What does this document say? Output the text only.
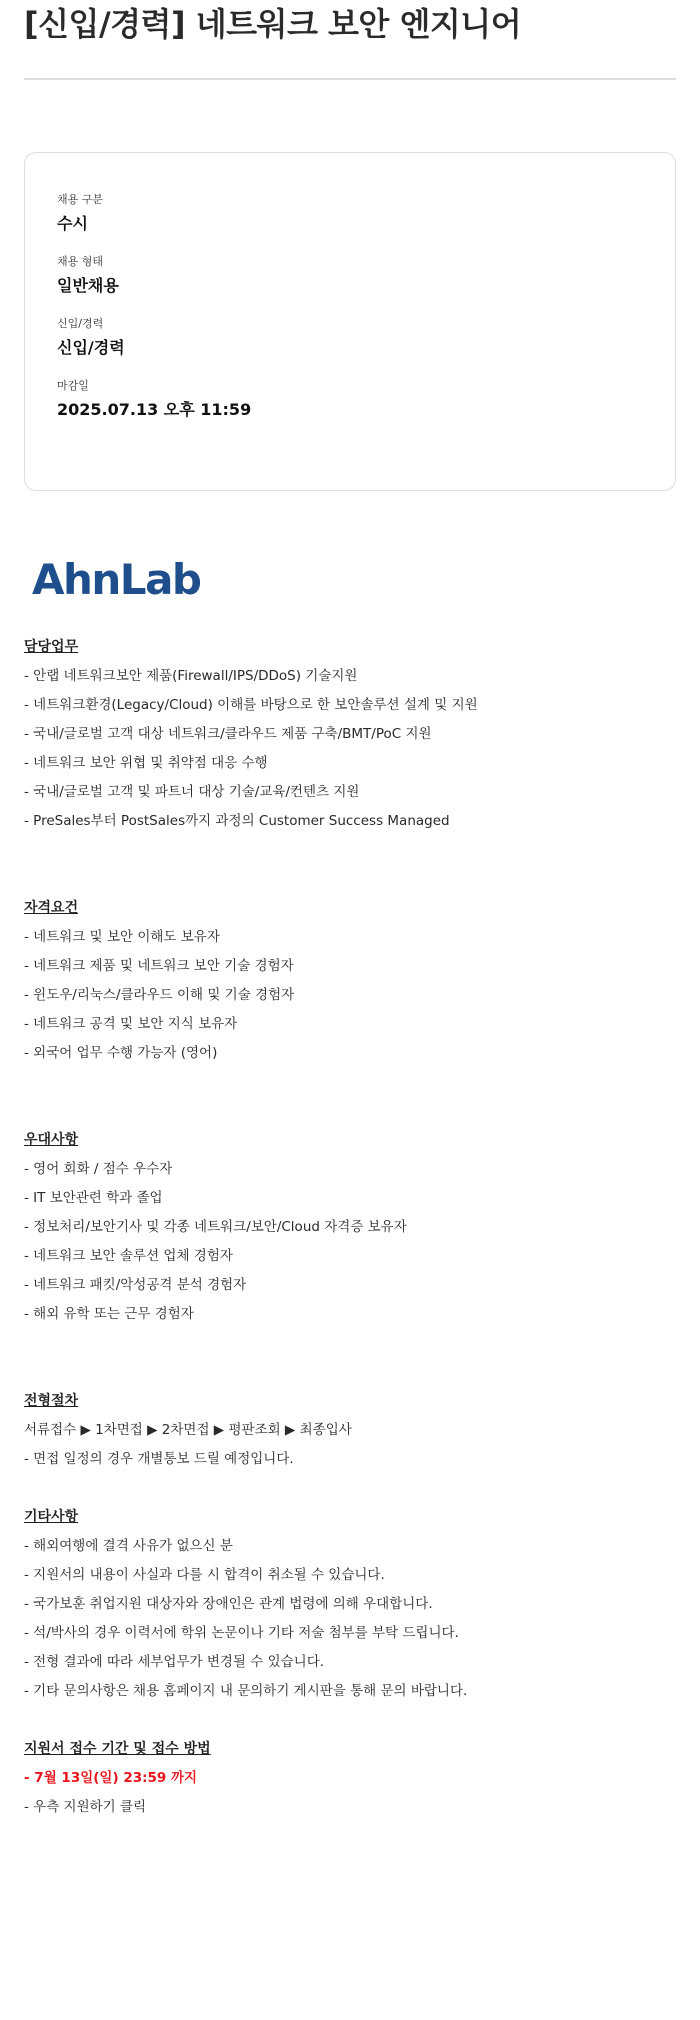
[신입/경력] 네트워크 보안 엔지니어
채용 구분
수시
채용 형태
일반채용
신입/경력
신입/경력
마감일
2025.07.13 오후 11:59
AhnLab
담당업무
- 안랩 네트워크보안 제품(Firewall/IPS/DDoS) 기술지원
- 네트워크환경(Legacy/Cloud) 이해를 바탕으로 한 보안솔루션 설계 및 지원
- 국내/글로벌 고객 대상 네트워크/클라우드 제품 구축/BMT/PoC 지원
- 네트워크 보안 위협 및 취약점 대응 수행
- 국내/글로벌 고객 및 파트너 대상 기술/교육/컨텐츠 지원
- PreSales부터 PostSales까지 과정의 Customer Success Managed
자격요건
- 네트워크 및 보안 이해도 보유자
- 네트워크 제품 및 네트워크 보안 기술 경험자
- 윈도우/리눅스/클라우드 이해 및 기술 경험자
- 네트워크 공격 및 보안 지식 보유자
- 외국어 업무 수행 가능자 (영어)
우대사항
- 영어 회화 / 점수 우수자
- IT 보안관련 학과 졸업
- 정보처리/보안기사 및 각종 네트워크/보안/Cloud 자격증 보유자
- 네트워크 보안 솔루션 업체 경험자
- 네트워크 패킷/악성공격 분석 경험자
- 해외 유학 또는 근무 경험자
전형절차
서류접수 ▶ 1차면접 ▶ 2차면접 ▶ 평판조회 ▶ 최종입사
- 면접 일정의 경우 개별통보 드릴 예정입니다.
기타사항
- 해외여행에 결격 사유가 없으신 분
- 지원서의 내용이 사실과 다를 시 합격이 취소될 수 있습니다.
- 국가보훈 취업지원 대상자와 장애인은 관계 법령에 의해 우대합니다.
- 석/박사의 경우 이력서에 학위 논문이나 기타 저술 첨부를 부탁 드립니다.
- 전형 결과에 따라 세부업무가 변경될 수 있습니다.
- 기타 문의사항은 채용 홈페이지 내 문의하기 게시판을 통해 문의 바랍니다.
지원서 접수 기간 및 접수 방법
- 7월 13일(일) 23:59 까지
- 우측 지원하기 클릭
